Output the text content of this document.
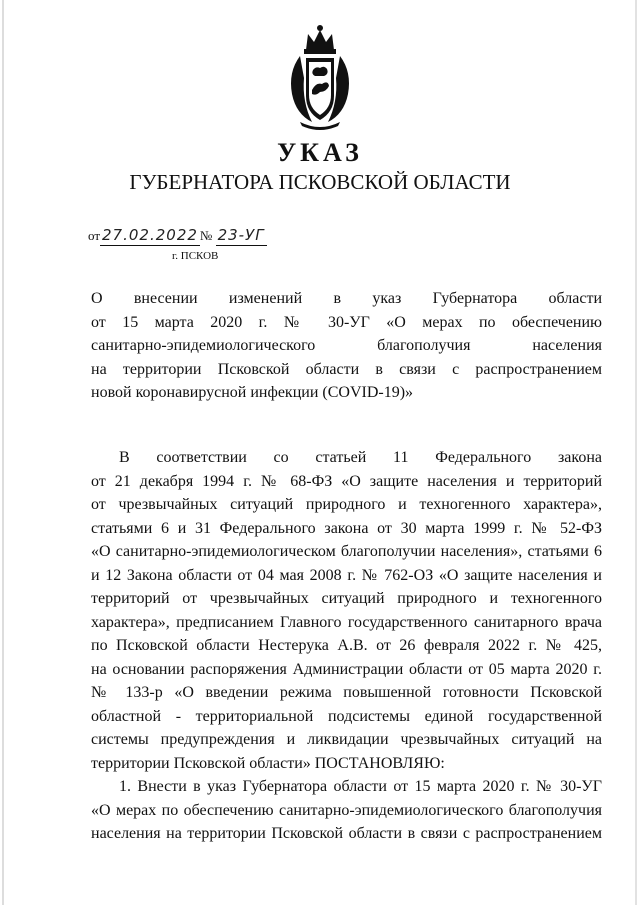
УКАЗ
ГУБЕРНАТОРА ПСКОВСКОЙ ОБЛАСТИ
от 27.02.2022 № 23-УГ
г. ПСКОВ
О внесении изменений в указ Губернатора области
от 15 марта 2020 г. № 30-УГ «О мерах по обеспечению
санитарно-эпидемиологического благополучия населения
на территории Псковской области в связи с распространением
новой коронавирусной инфекции (COVID-19)»
В соответствии со статьей 11 Федерального закона
от 21 декабря 1994 г. № 68-ФЗ «О защите населения и территорий
от чрезвычайных ситуаций природного и техногенного характера»,
статьями 6 и 31 Федерального закона от 30 марта 1999 г. № 52-ФЗ
«О санитарно-эпидемиологическом благополучии населения», статьями 6
и 12 Закона области от 04 мая 2008 г. № 762-ОЗ «О защите населения и
территорий от чрезвычайных ситуаций природного и техногенного
характера», предписанием Главного государственного санитарного врача
по Псковской области Нестерука А.В. от 26 февраля 2022 г. № 425,
на основании распоряжения Администрации области от 05 марта 2020 г.
№ 133-р «О введении режима повышенной готовности Псковской
областной - территориальной подсистемы единой государственной
системы предупреждения и ликвидации чрезвычайных ситуаций на
территории Псковской области» ПОСТАНОВЛЯЮ:
1. Внести в указ Губернатора области от 15 марта 2020 г. № 30-УГ
«О мерах по обеспечению санитарно-эпидемиологического благополучия
населения на территории Псковской области в связи с распространением
